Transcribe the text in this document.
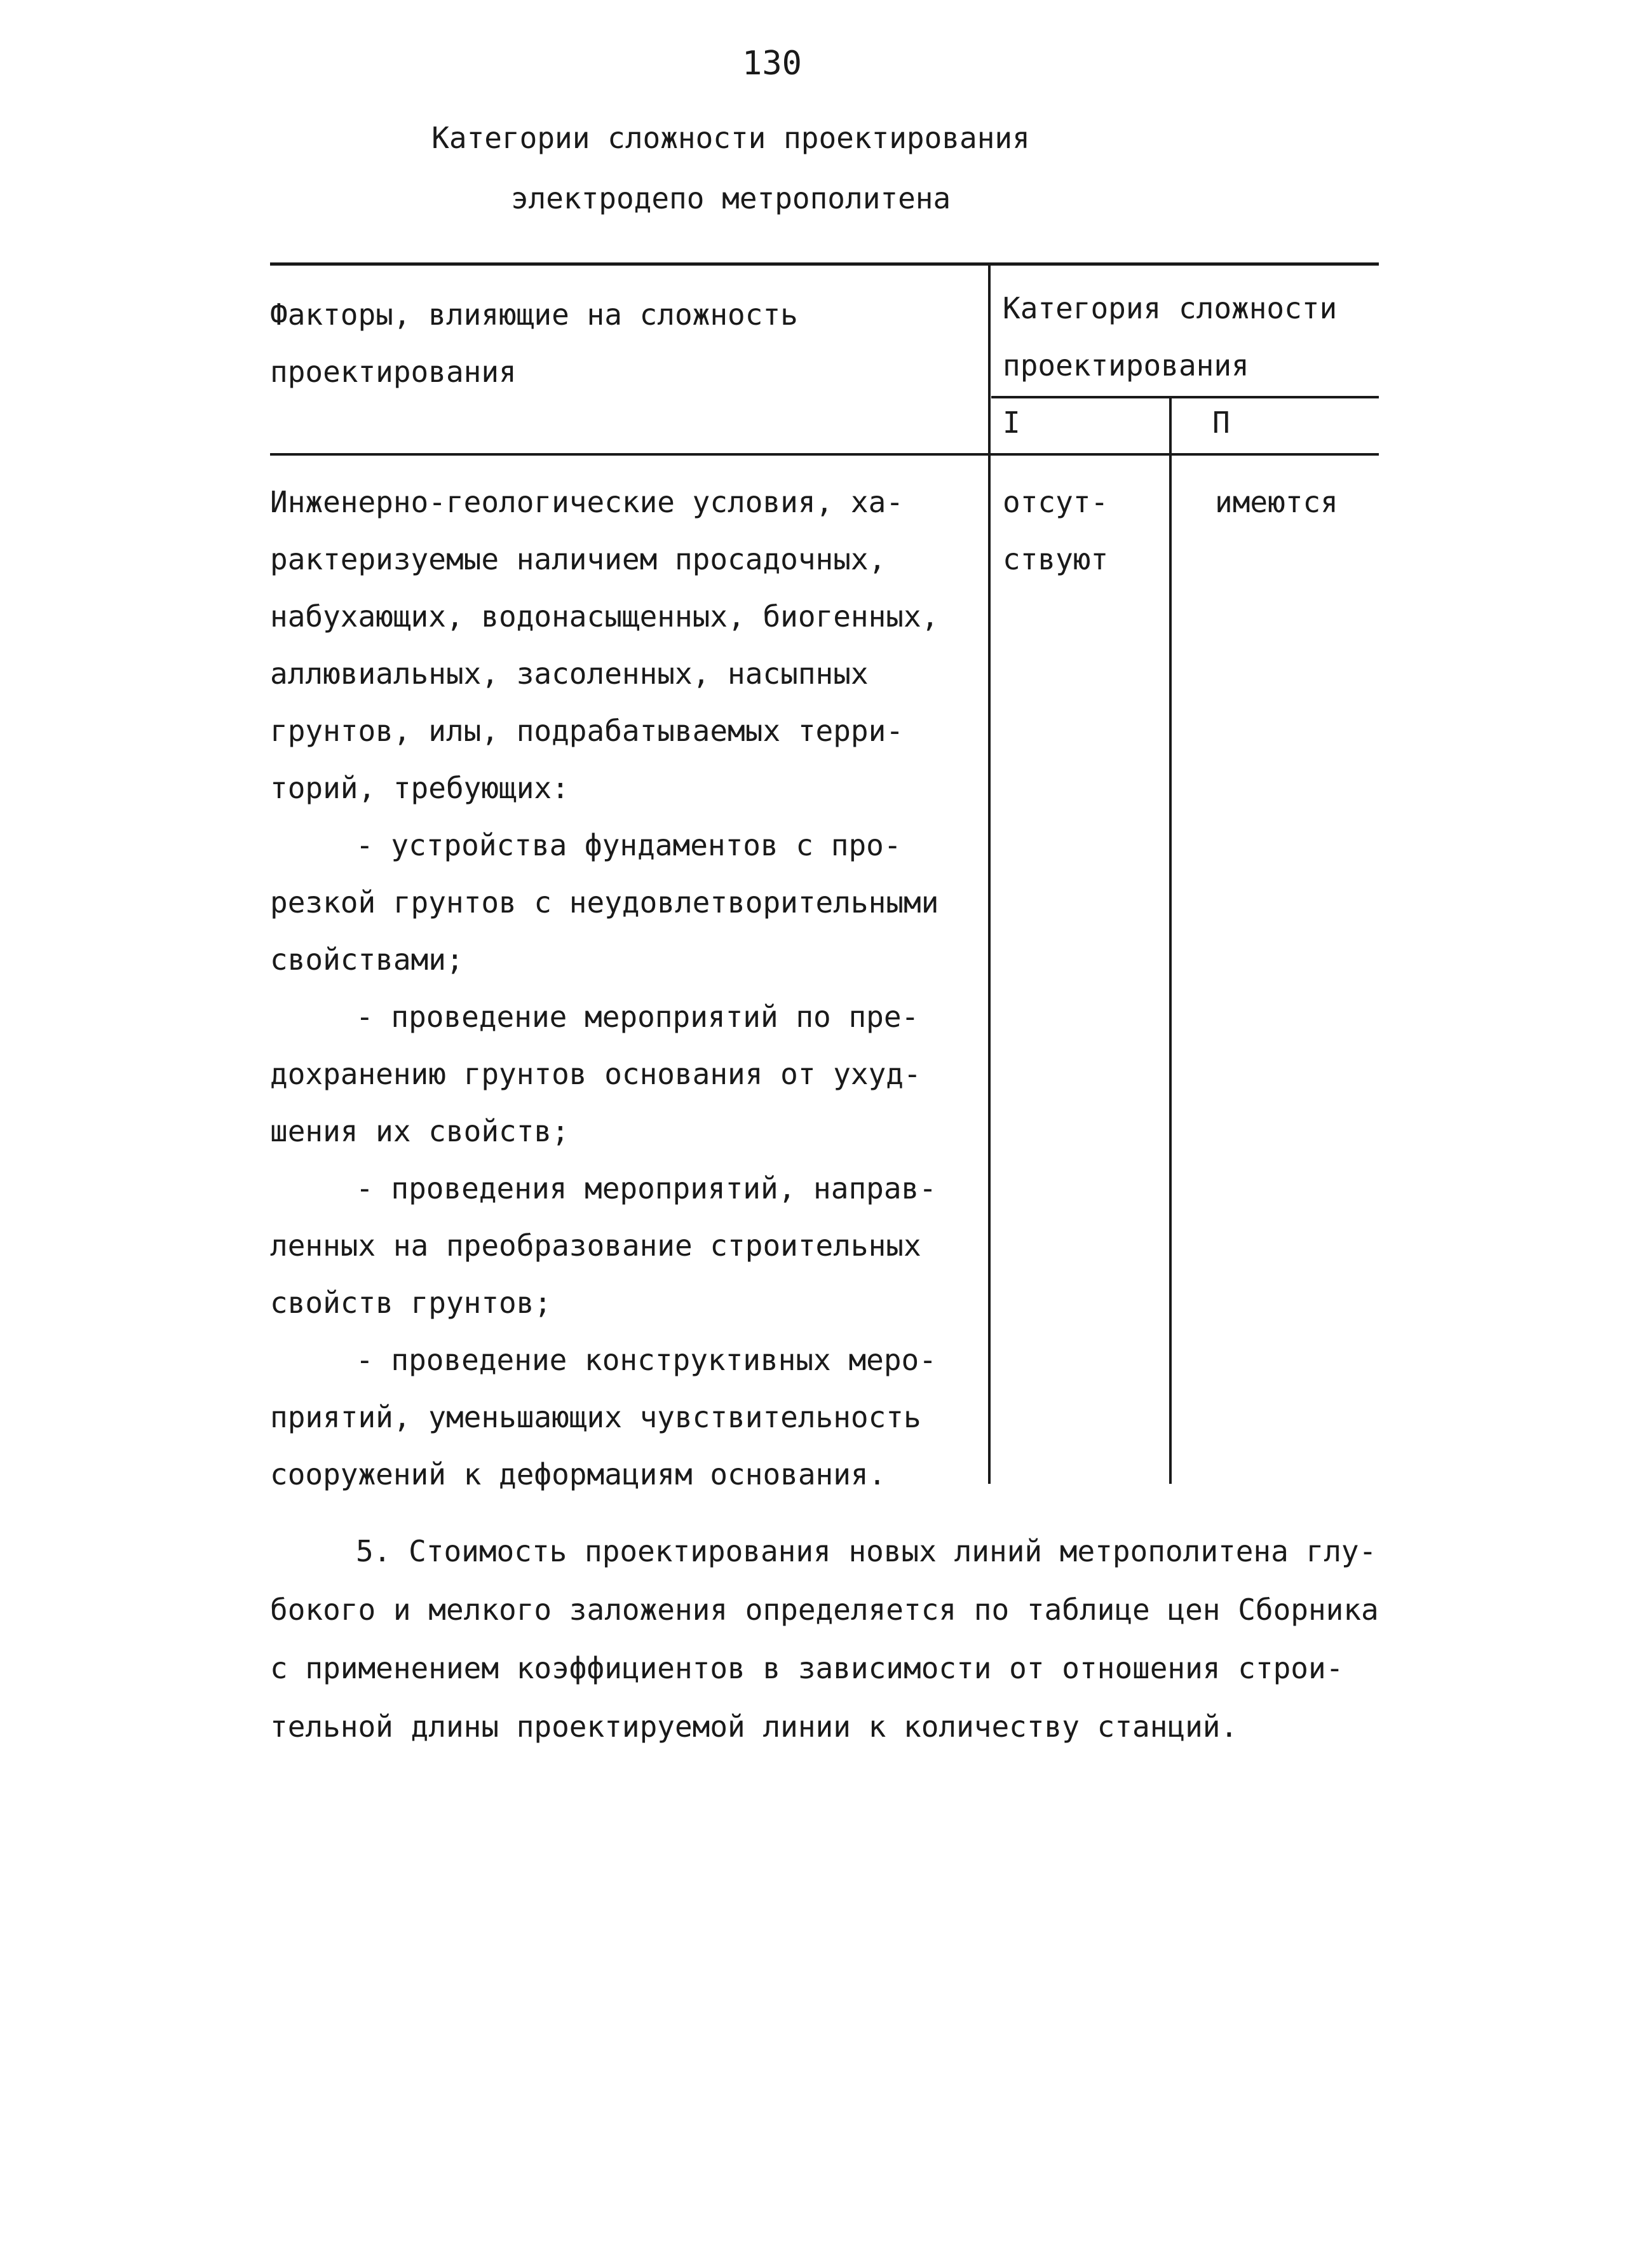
130
Категории сложности проектирования
электродепо метрополитена
Факторы, влияющие на сложность
проектирования
Категория сложности
проектирования
I	П
Инженерно-геологические условия, ха-
рактеризуемые наличием просадочных,
набухающих, водонасыщенных, биогенных,
аллювиальных, засоленных, насыпных
грунтов, илы, подрабатываемых терри-
торий, требующих:
- устройства фундаментов с про-
резкой грунтов с неудовлетворительными
свойствами;
- проведение мероприятий по пре-
дохранению грунтов основания от ухуд-
шения их свойств;
- проведения мероприятий, направ-
ленных на преобразование строительных
свойств грунтов;
- проведение конструктивных меро-
приятий, уменьшающих чувствительность
сооружений к деформациям основания.
отсут-
ствуют
имеются
5. Стоимость проектирования новых линий метрополитена глу-
бокого и мелкого заложения определяется по таблице цен Сборника
с применением коэффициентов в зависимости от отношения строи-
тельной длины проектируемой линии к количеству станций.
